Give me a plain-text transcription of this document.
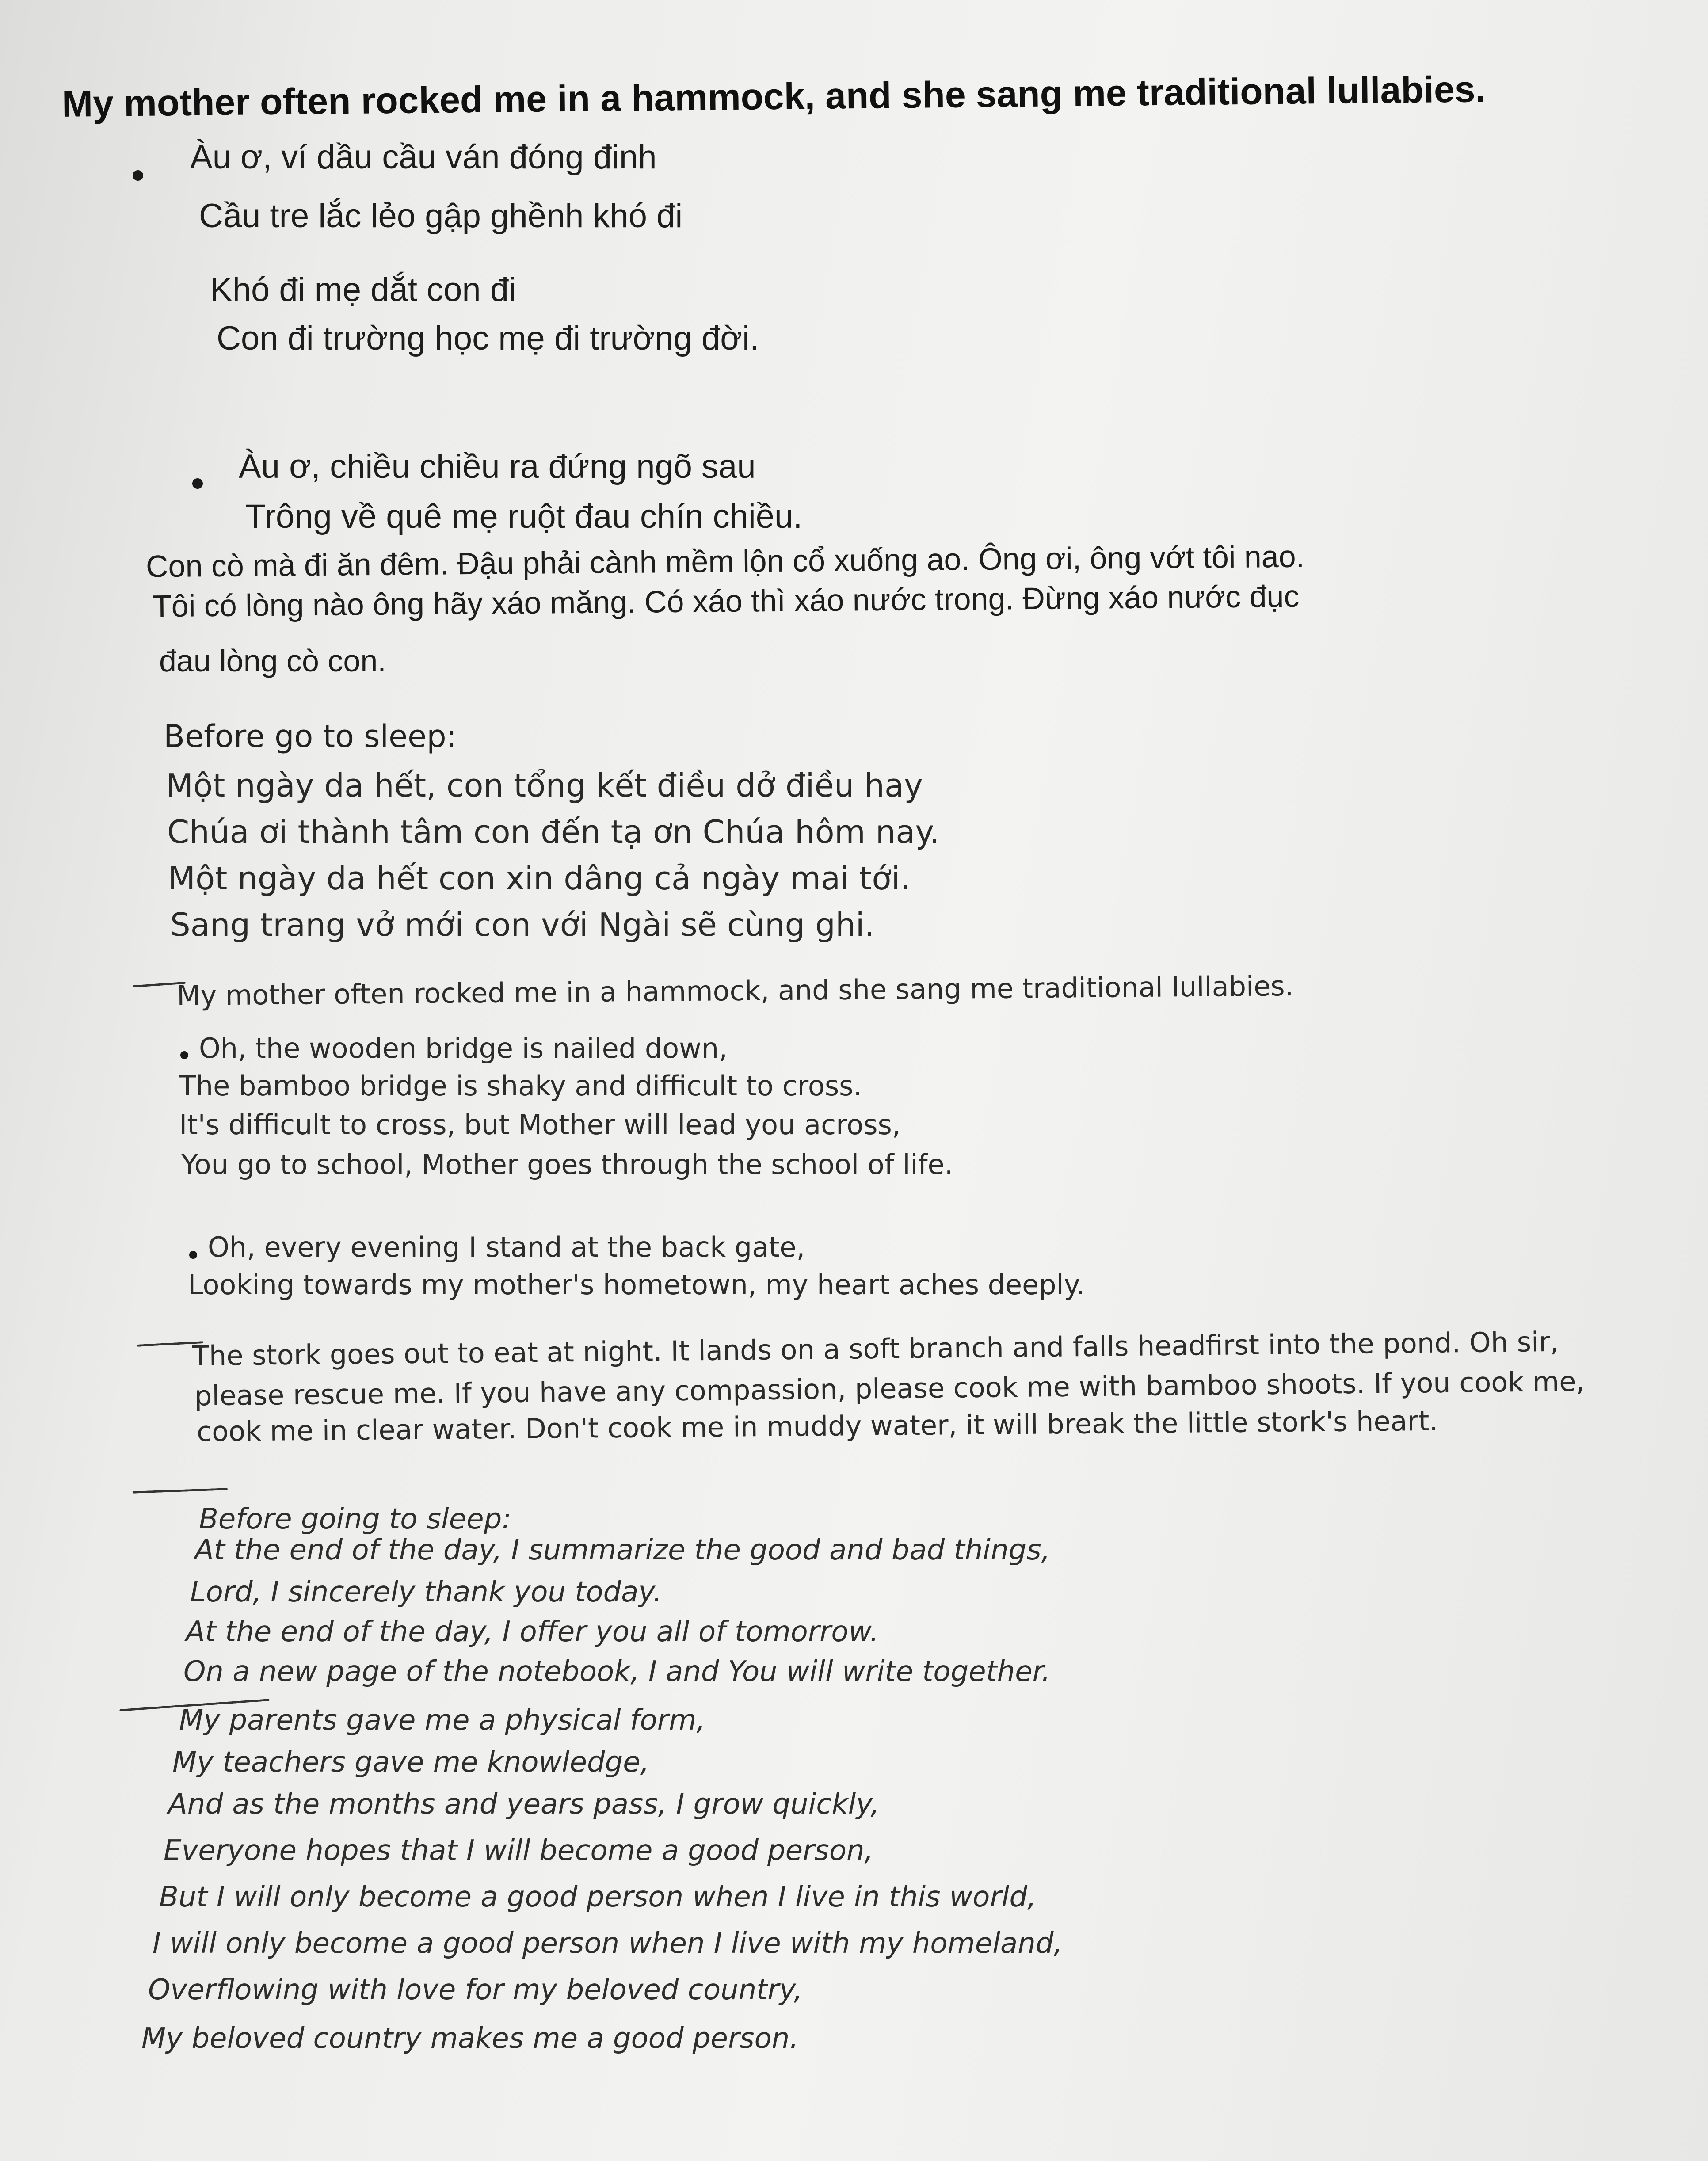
My mother often rocked me in a hammock, and she sang me traditional lullabies.
Àu ơ, ví dầu cầu ván đóng đinh
Cầu tre lắc lẻo gập ghềnh khó đi
Khó đi mẹ dắt con đi
Con đi trường học mẹ đi trường đời.
Àu ơ, chiều chiều ra đứng ngõ sau
Trông về quê mẹ ruột đau chín chiều.
Con cò mà đi ăn đêm. Đậu phải cành mềm lộn cổ xuống ao. Ông ơi, ông vớt tôi nao.
Tôi có lòng nào ông hãy xáo măng. Có xáo thì xáo nước trong. Đừng xáo nước đục
đau lòng cò con.
Before go to sleep:
Một ngày da hết, con tổng kết điều dở điều hay
Chúa ơi thành tâm con đến tạ ơn Chúa hôm nay.
Một ngày da hết con xin dâng cả ngày mai tới.
Sang trang vở mới con với Ngài sẽ cùng ghi.
My mother often rocked me in a hammock, and she sang me traditional lullabies.
Oh, the wooden bridge is nailed down,
The bamboo bridge is shaky and difficult to cross.
It's difficult to cross, but Mother will lead you across,
You go to school, Mother goes through the school of life.
Oh, every evening I stand at the back gate,
Looking towards my mother's hometown, my heart aches deeply.
The stork goes out to eat at night. It lands on a soft branch and falls headfirst into the pond. Oh sir,
please rescue me. If you have any compassion, please cook me with bamboo shoots. If you cook me,
cook me in clear water. Don't cook me in muddy water, it will break the little stork's heart.
Before going to sleep:
At the end of the day, I summarize the good and bad things,
Lord, I sincerely thank you today.
At the end of the day, I offer you all of tomorrow.
On a new page of the notebook, I and You will write together.
My parents gave me a physical form,
My teachers gave me knowledge,
And as the months and years pass, I grow quickly,
Everyone hopes that I will become a good person,
But I will only become a good person when I live in this world,
I will only become a good person when I live with my homeland,
Overflowing with love for my beloved country,
My beloved country makes me a good person.
